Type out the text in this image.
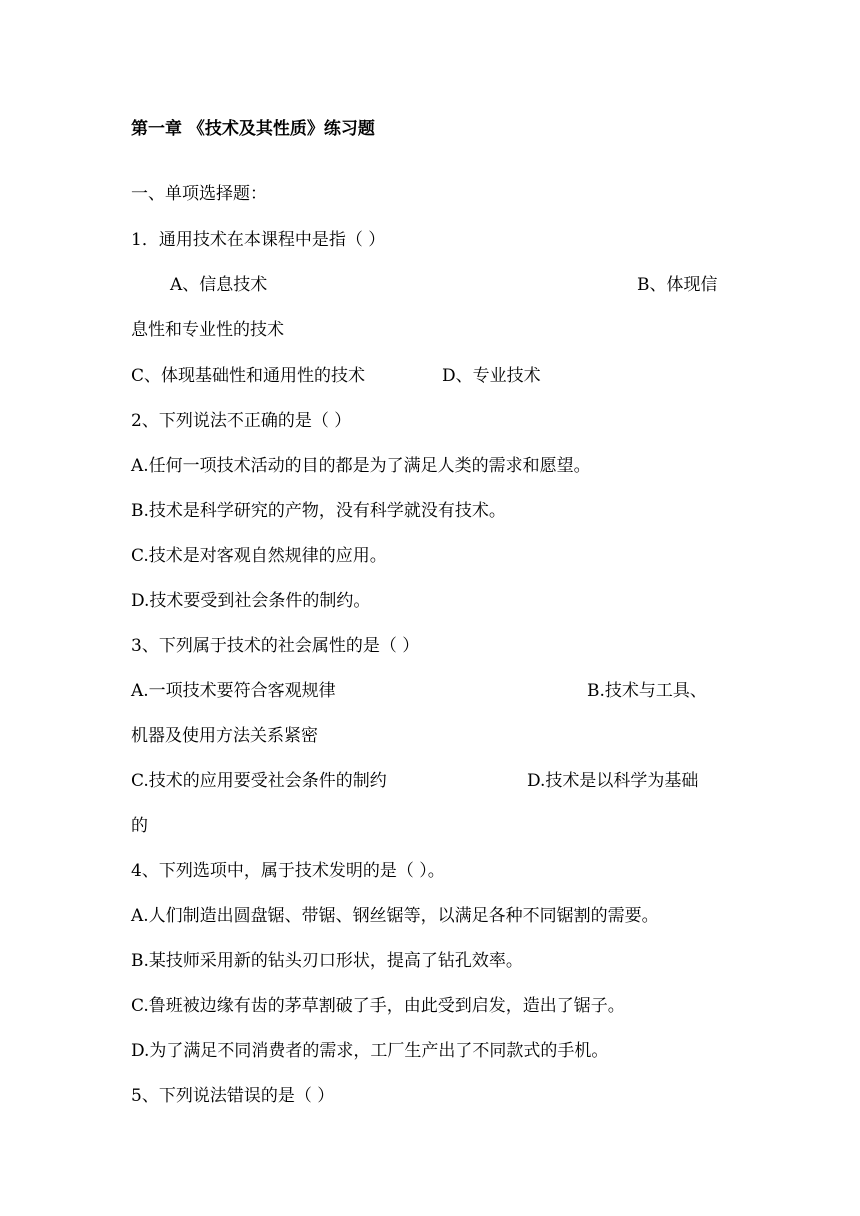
第一章 《技术及其性质》练习题
一、单项选择题：
1．通用技术在本课程中是指（ ）
A、信息技术	B、体现信
息性和专业性的技术
C、体现基础性和通用性的技术	D、专业技术
2、下列说法不正确的是（ ）
A.任何一项技术活动的目的都是为了满足人类的需求和愿望。
B.技术是科学研究的产物，没有科学就没有技术。
C.技术是对客观自然规律的应用。
D.技术要受到社会条件的制约。
3、下列属于技术的社会属性的是（ ）
A.一项技术要符合客观规律	B.技术与工具、
机器及使用方法关系紧密
C.技术的应用要受社会条件的制约	D.技术是以科学为基础
的
4、下列选项中，属于技术发明的是（ ）。
A.人们制造出圆盘锯、带锯、钢丝锯等，以满足各种不同锯割的需要。
B.某技师采用新的钻头刃口形状，提高了钻孔效率。
C.鲁班被边缘有齿的茅草割破了手，由此受到启发，造出了锯子。
D.为了满足不同消费者的需求，工厂生产出了不同款式的手机。
5、下列说法错误的是（ ）
